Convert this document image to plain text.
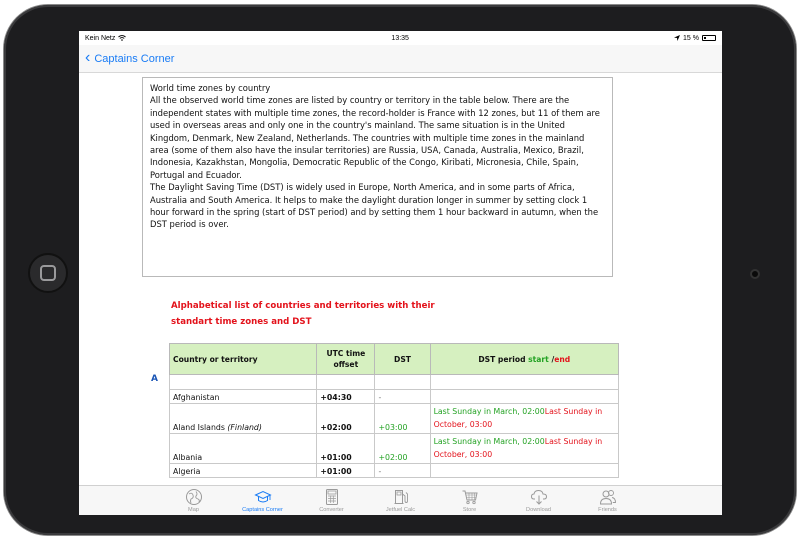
Kein Netz	13:35	15 %
‹ Captains Corner

World time zones by country

All the observed world time zones are listed by country or territory in the table below. There are the independent states with multiple time zones, the record-holder is France with 12 zones, but 11 of them are used in overseas areas and only one in the country's mainland. The same situation is in the United Kingdom, Denmark, New Zealand, Netherlands. The countries with multiple time zones in the mainland area (some of them also have the insular territories) are Russia, USA, Canada, Australia, Mexico, Brazil, Indonesia, Kazakhstan, Mongolia, Democratic Republic of the Congo, Kiribati, Micronesia, Chile, Spain, Portugal and Ecuador.

The Daylight Saving Time (DST) is widely used in Europe, North America, and in some parts of Africa, Australia and South America. It helps to make the daylight duration longer in summer by setting clock 1 hour forward in the spring (start of DST period) and by setting them 1 hour backward in autumn, when the DST period is over.

Alphabetical list of countries and territories with their
standart time zones and DST
A
Country or territory	UTC time offset	DST	DST period start /end

Afghanistan	+04:30	-	
Aland Islands (Finland)	+02:00	+03:00	Last Sunday in March, 02:00Last Sunday in October, 03:00
Albania	+01:00	+02:00	Last Sunday in March, 02:00Last Sunday in October, 03:00
Algeria	+01:00	-	
Map	Captains Corner	Converter	Jetfuel Calc	Store	Download	Friends
